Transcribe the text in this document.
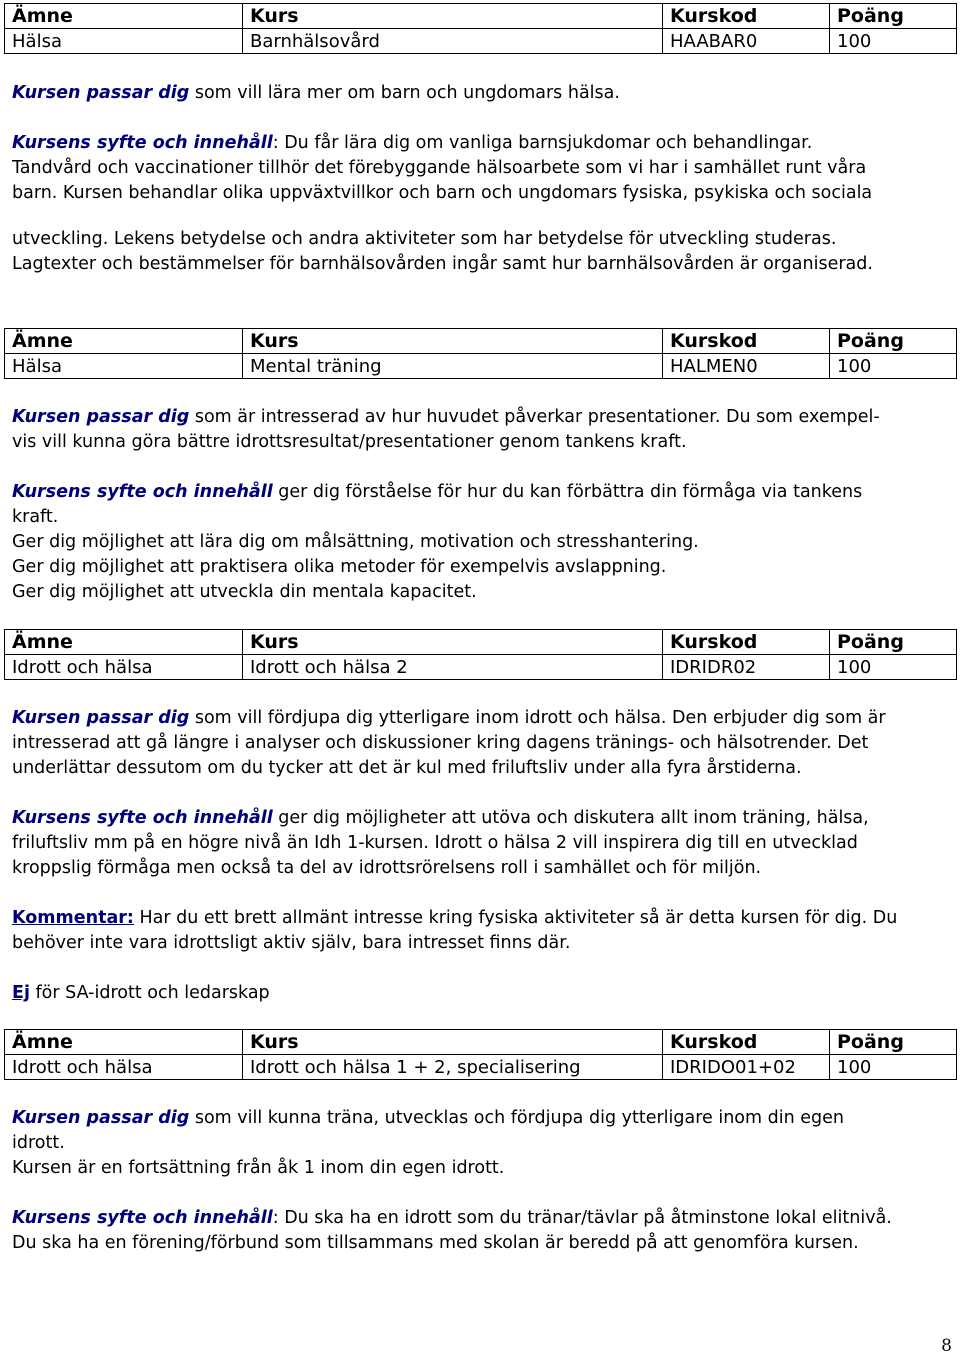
Ämne	Kurs	Kurskod	Poäng
Hälsa	Barnhälsovård	HAABAR0	100

Kursen passar dig som vill lära mer om barn och ungdomars hälsa.

Kursens syfte och innehåll: Du får lära dig om vanliga barnsjukdomar och behandlingar.

Tandvård och vaccinationer tillhör det förebyggande hälsoarbete som vi har i samhället runt våra

barn. Kursen behandlar olika uppväxtvillkor och barn och ungdomars fysiska, psykiska och sociala

utveckling. Lekens betydelse och andra aktiviteter som har betydelse för utveckling studeras.

Lagtexter och bestämmelser för barnhälsovården ingår samt hur barnhälsovården är organiserad.

Ämne	Kurs	Kurskod	Poäng
Hälsa	Mental träning	HALMEN0	100

Kursen passar dig som är intresserad av hur huvudet påverkar presentationer. Du som exempel-

vis vill kunna göra bättre idrottsresultat/presentationer genom tankens kraft.

Kursens syfte och innehåll ger dig förståelse för hur du kan förbättra din förmåga via tankens

kraft.

Ger dig möjlighet att lära dig om målsättning, motivation och stresshantering.

Ger dig möjlighet att praktisera olika metoder för exempelvis avslappning.

Ger dig möjlighet att utveckla din mentala kapacitet.

Ämne	Kurs	Kurskod	Poäng
Idrott och hälsa	Idrott och hälsa 2	IDRIDR02	100

Kursen passar dig som vill fördjupa dig ytterligare inom idrott och hälsa. Den erbjuder dig som är

intresserad att gå längre i analyser och diskussioner kring dagens tränings- och hälsotrender. Det

underlättar dessutom om du tycker att det är kul med friluftsliv under alla fyra årstiderna.

Kursens syfte och innehåll ger dig möjligheter att utöva och diskutera allt inom träning, hälsa,

friluftsliv mm på en högre nivå än Idh 1-kursen. Idrott o hälsa 2 vill inspirera dig till en utvecklad

kroppslig förmåga men också ta del av idrottsrörelsens roll i samhället och för miljön.

Kommentar: Har du ett brett allmänt intresse kring fysiska aktiviteter så är detta kursen för dig. Du

behöver inte vara idrottsligt aktiv själv, bara intresset finns där.

Ej för SA-idrott och ledarskap

Ämne	Kurs	Kurskod	Poäng
Idrott och hälsa	Idrott och hälsa 1 + 2, specialisering	IDRIDO01+02	100

Kursen passar dig som vill kunna träna, utvecklas och fördjupa dig ytterligare inom din egen

idrott.

Kursen är en fortsättning från åk 1 inom din egen idrott.

Kursens syfte och innehåll: Du ska ha en idrott som du tränar/tävlar på åtminstone lokal elitnivå.

Du ska ha en förening/förbund som tillsammans med skolan är beredd på att genomföra kursen.

8
